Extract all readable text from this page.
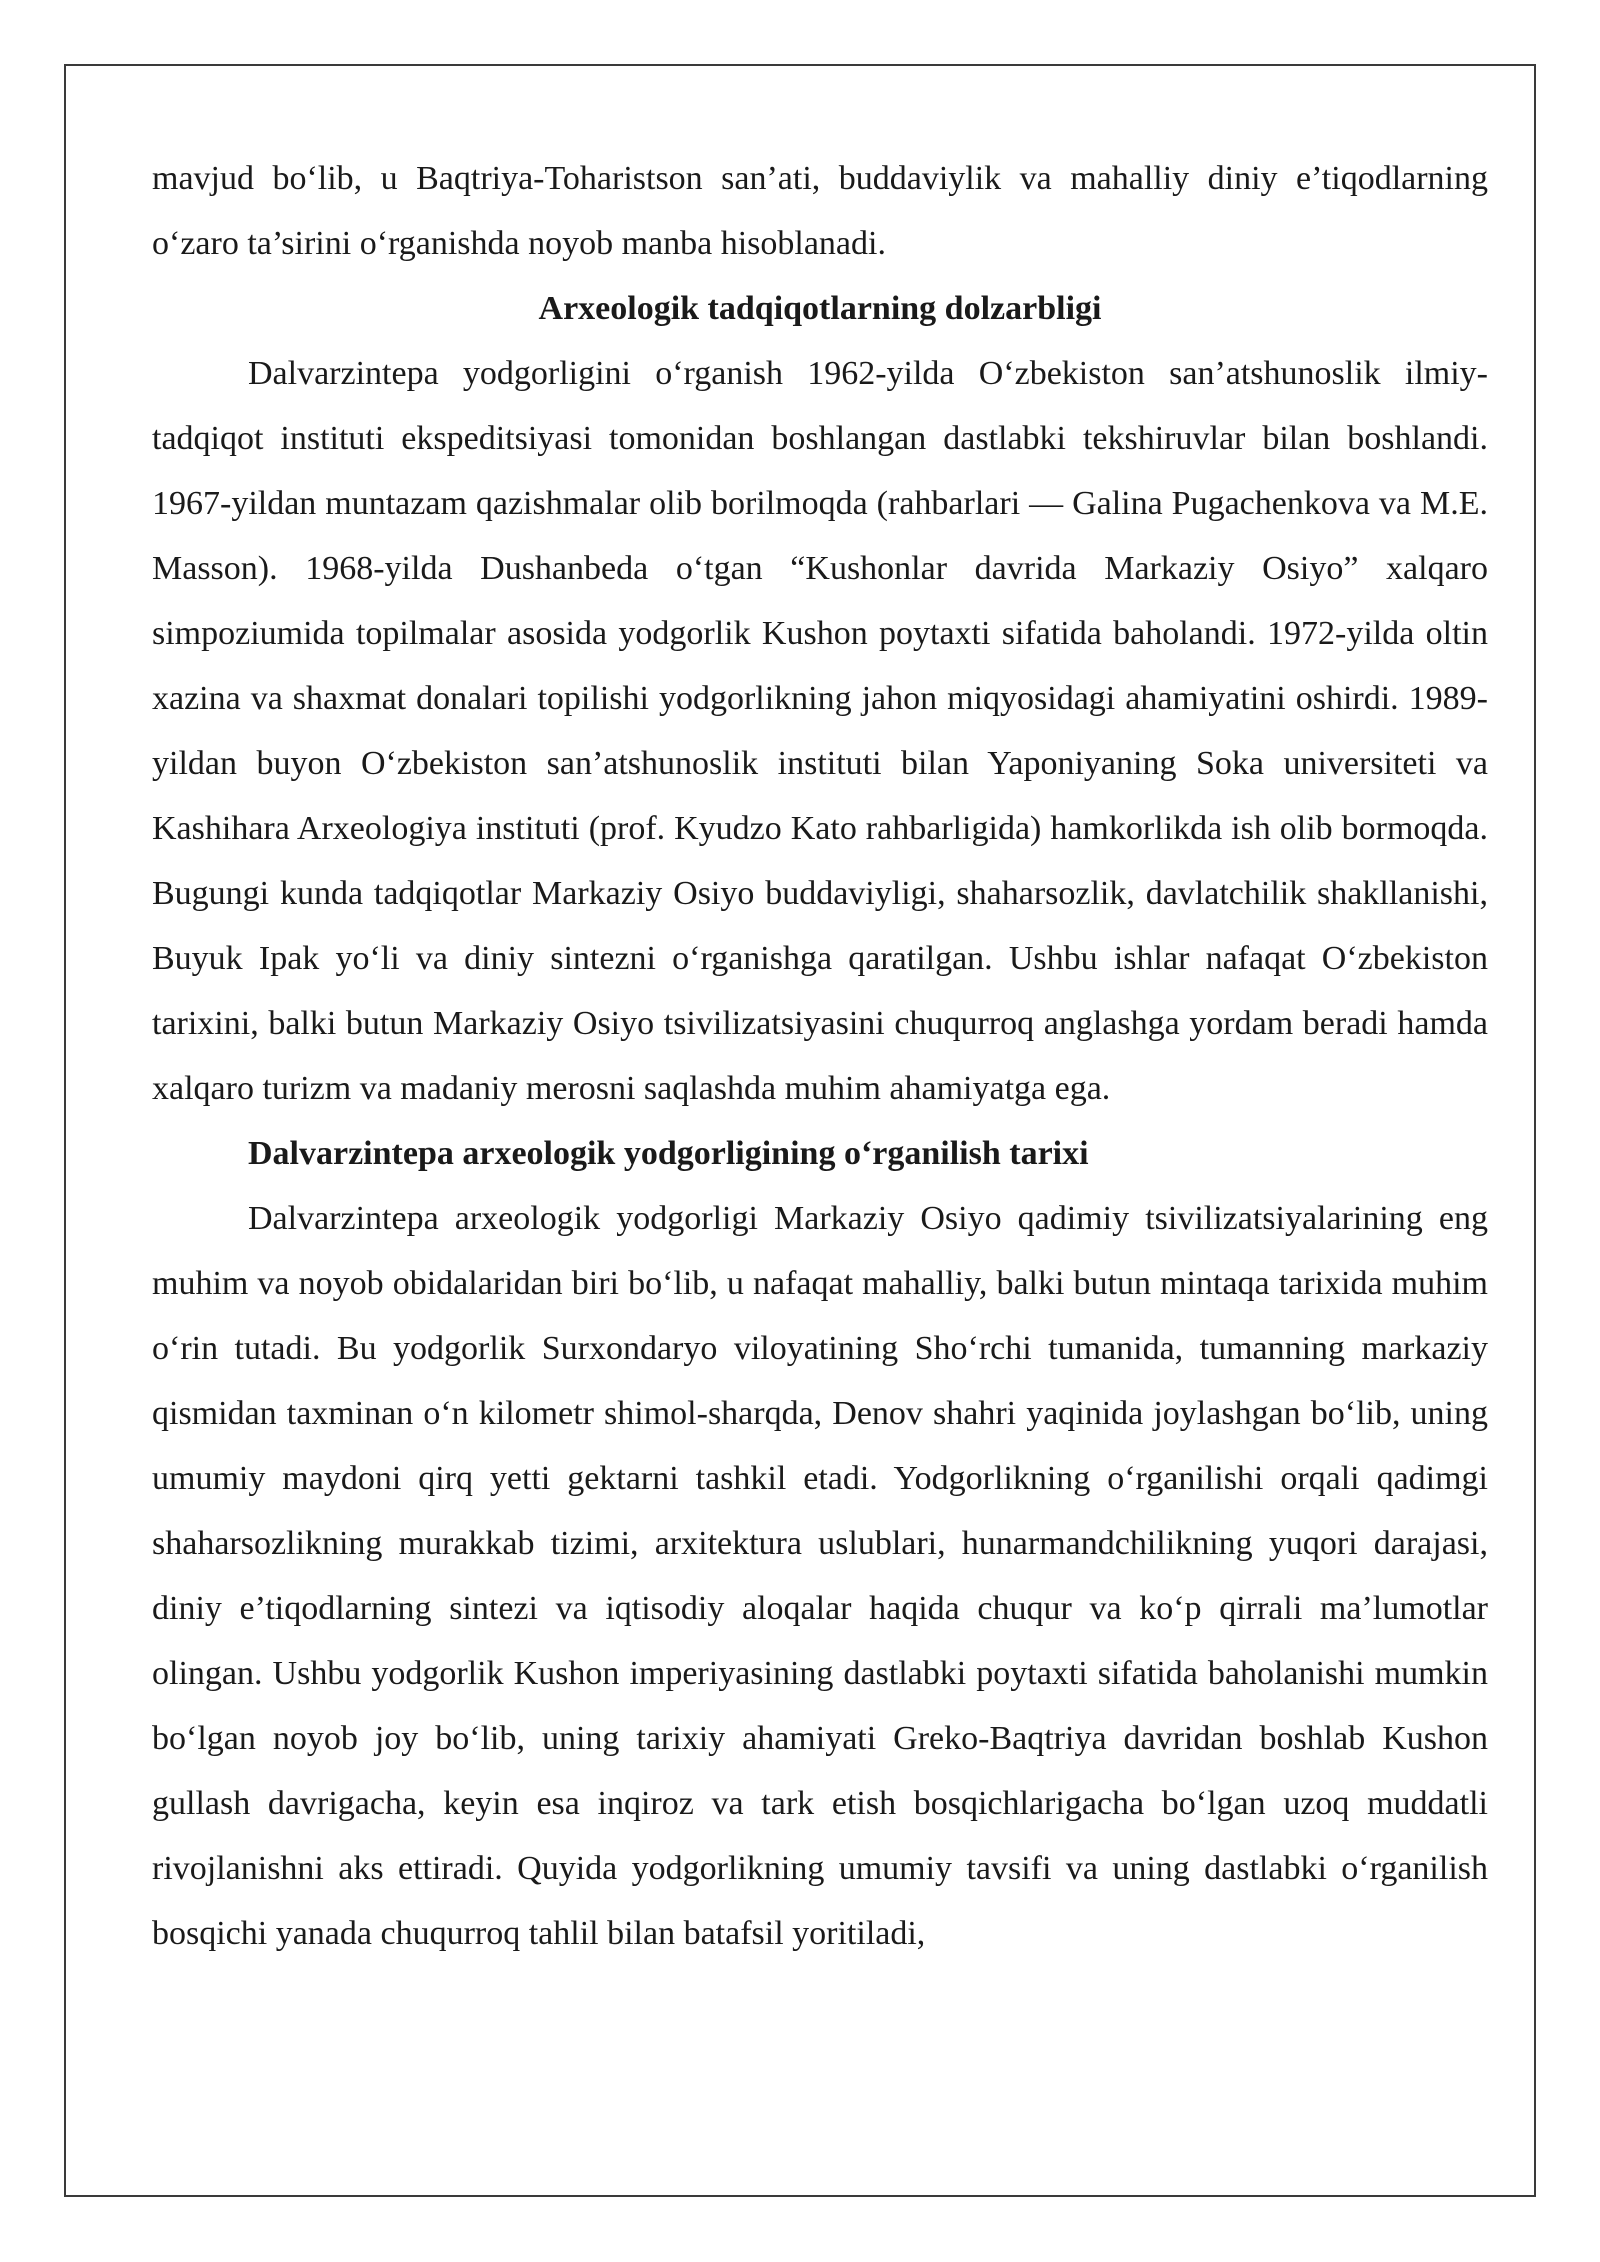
mavjud bo‘lib, u Baqtriya-Toharistson san’ati, buddaviylik va mahalliy diniy e’tiqodlarning o‘zaro ta’sirini o‘rganishda noyob manba hisoblanadi.

Arxeologik tadqiqotlarning dolzarbligi

Dalvarzintepa yodgorligini o‘rganish 1962-yilda O‘zbekiston san’atshunoslik ilmiy-tadqiqot instituti ekspeditsiyasi tomonidan boshlangan dastlabki tekshiruvlar bilan boshlandi. 1967-yildan muntazam qazishmalar olib borilmoqda (rahbarlari — Galina Pugachenkova va M.E. Masson). 1968-yilda Dushanbeda o‘tgan “Kushonlar davrida Markaziy Osiyo” xalqaro simpoziumida topilmalar asosida yodgorlik Kushon poytaxti sifatida baholandi. 1972-yilda oltin xazina va shaxmat donalari topilishi yodgorlikning jahon miqyosidagi ahamiyatini oshirdi. 1989-yildan buyon O‘zbekiston san’atshunoslik instituti bilan Yaponiyaning Soka universiteti va Kashihara Arxeologiya instituti (prof. Kyudzo Kato rahbarligida) hamkorlikda ish olib bormoqda. Bugungi kunda tadqiqotlar Markaziy Osiyo buddaviyligi, shaharsozlik, davlatchilik shakllanishi, Buyuk Ipak yo‘li va diniy sintezni o‘rganishga qaratilgan. Ushbu ishlar nafaqat O‘zbekiston tarixini, balki butun Markaziy Osiyo tsivilizatsiyasini chuqurroq anglashga yordam beradi hamda xalqaro turizm va madaniy merosni saqlashda muhim ahamiyatga ega.

Dalvarzintepa arxeologik yodgorligining o‘rganilish tarixi

Dalvarzintepa arxeologik yodgorligi Markaziy Osiyo qadimiy tsivilizatsiyalarining eng muhim va noyob obidalaridan biri bo‘lib, u nafaqat mahalliy, balki butun mintaqa tarixida muhim o‘rin tutadi. Bu yodgorlik Surxondaryo viloyatining Sho‘rchi tumanida, tumanning markaziy qismidan taxminan o‘n kilometr shimol-sharqda, Denov shahri yaqinida joylashgan bo‘lib, uning umumiy maydoni qirq yetti gektarni tashkil etadi. Yodgorlikning o‘rganilishi orqali qadimgi shaharsozlikning murakkab tizimi, arxitektura uslublari, hunarmandchilikning yuqori darajasi, diniy e’tiqodlarning sintezi va iqtisodiy aloqalar haqida chuqur va ko‘p qirrali ma’lumotlar olingan. Ushbu yodgorlik Kushon imperiyasining dastlabki poytaxti sifatida baholanishi mumkin bo‘lgan noyob joy bo‘lib, uning tarixiy ahamiyati Greko-Baqtriya davridan boshlab Kushon gullash davrigacha, keyin esa inqiroz va tark etish bosqichlarigacha bo‘lgan uzoq muddatli rivojlanishni aks ettiradi. Quyida yodgorlikning umumiy tavsifi va uning dastlabki o‘rganilish bosqichi yanada chuqurroq tahlil bilan batafsil yoritiladi,
